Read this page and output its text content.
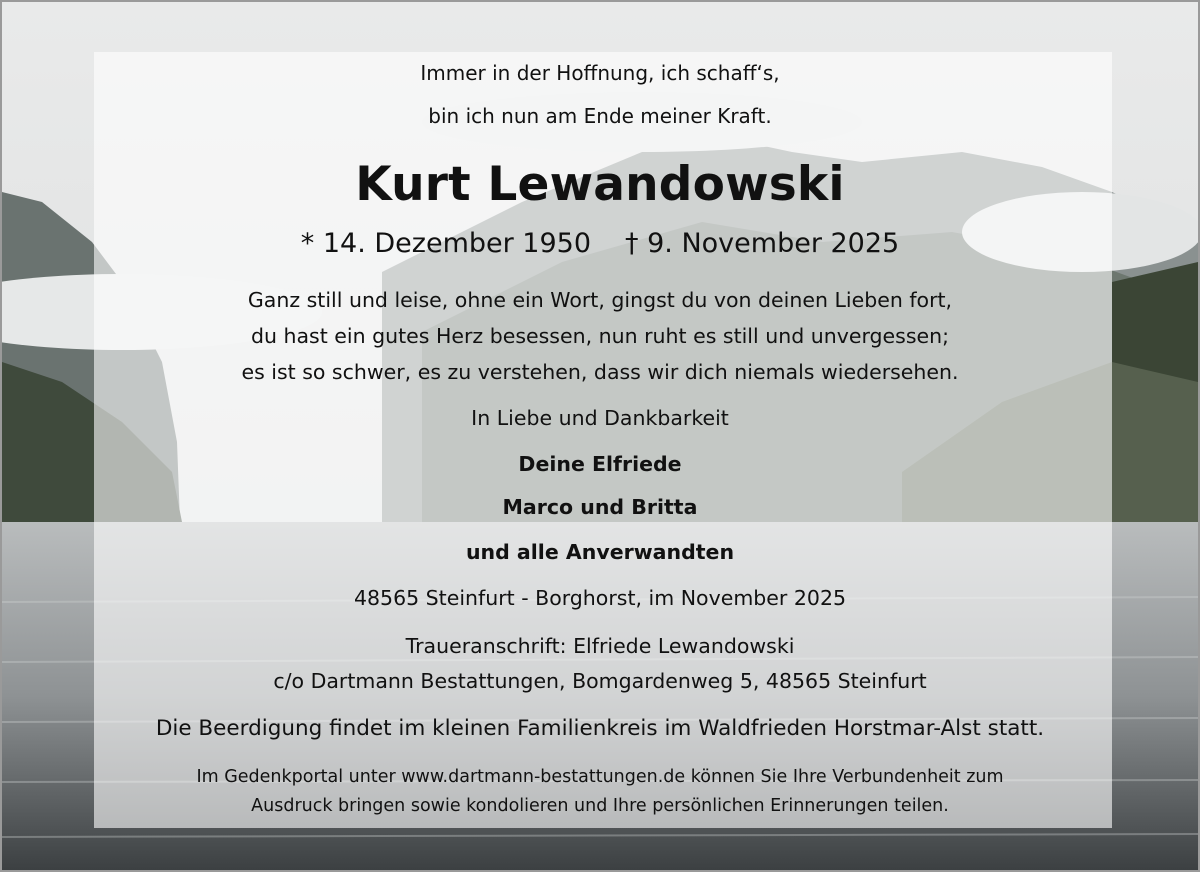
Immer in der Hoffnung, ich schaff‘s,
bin ich nun am Ende meiner Kraft.
Kurt Lewandowski
* 14. Dezember 1950 † 9. November 2025
Ganz still und leise, ohne ein Wort, gingst du von deinen Lieben fort,
du hast ein gutes Herz besessen, nun ruht es still und unvergessen;
es ist so schwer, es zu verstehen, dass wir dich niemals wiedersehen.
In Liebe und Dankbarkeit
Deine Elfriede
Marco und Britta
und alle Anverwandten
48565 Steinfurt - Borghorst, im November 2025
Traueranschrift: Elfriede Lewandowski
c/o Dartmann Bestattungen, Bomgardenweg 5, 48565 Steinfurt
Die Beerdigung findet im kleinen Familienkreis im Waldfrieden Horstmar-Alst statt.
Im Gedenkportal unter www.dartmann-bestattungen.de können Sie Ihre Verbundenheit zum
Ausdruck bringen sowie kondolieren und Ihre persönlichen Erinnerungen teilen.
